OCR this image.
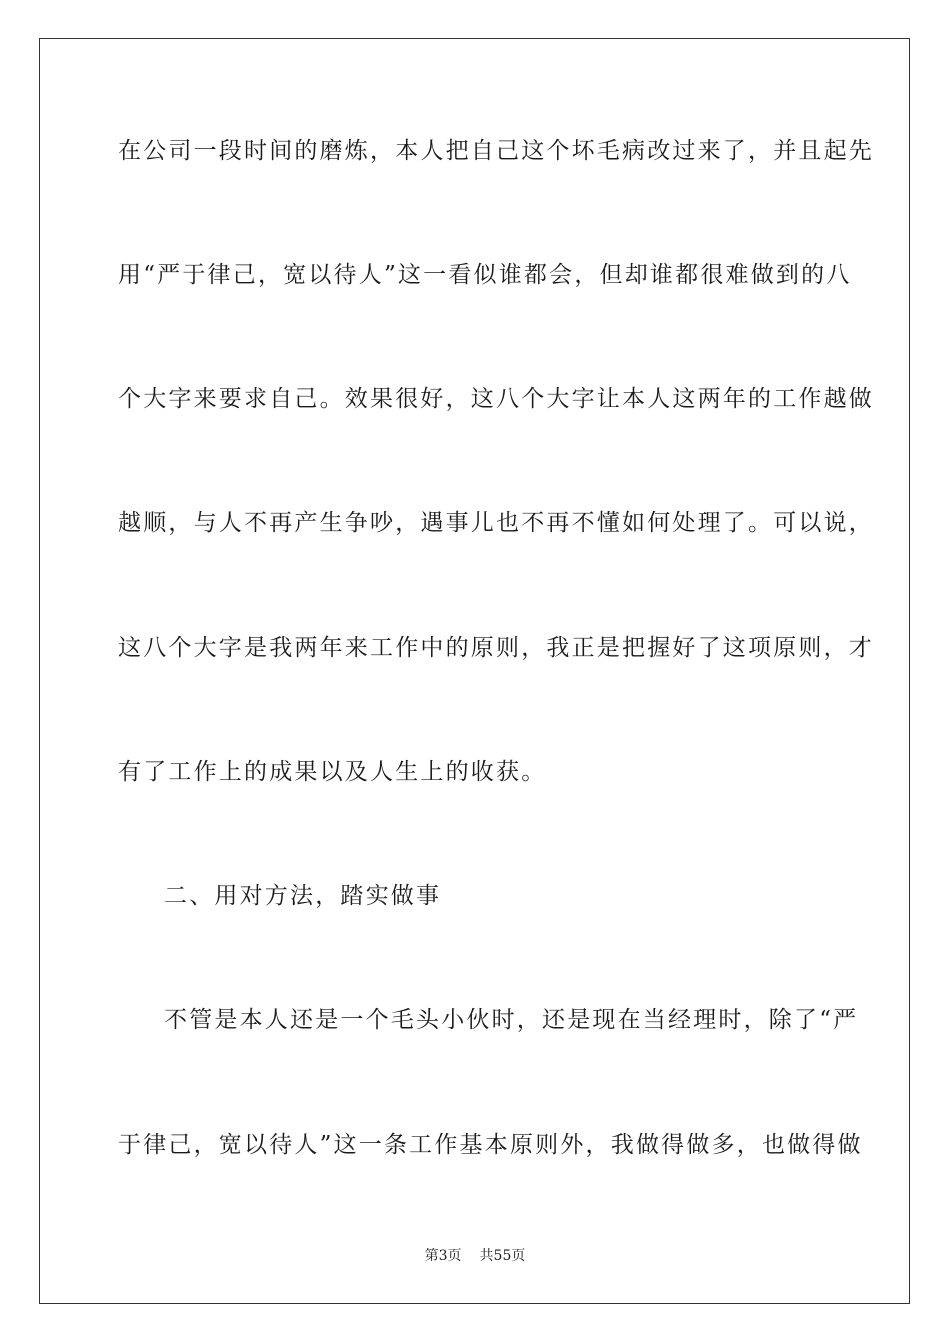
在公司一段时间的磨炼，本人把自己这个坏毛病改过来了，并且起先
用“严于律己，宽以待人”这一看似谁都会，但却谁都很难做到的八
个大字来要求自己。效果很好，这八个大字让本人这两年的工作越做
越顺，与人不再产生争吵，遇事儿也不再不懂如何处理了。可以说，
这八个大字是我两年来工作中的原则，我正是把握好了这项原则，才
有了工作上的成果以及人生上的收获。
二、用对方法，踏实做事
不管是本人还是一个毛头小伙时，还是现在当经理时，除了“严
于律己，宽以待人”这一条工作基本原则外，我做得做多，也做得做
第3页 共55页
